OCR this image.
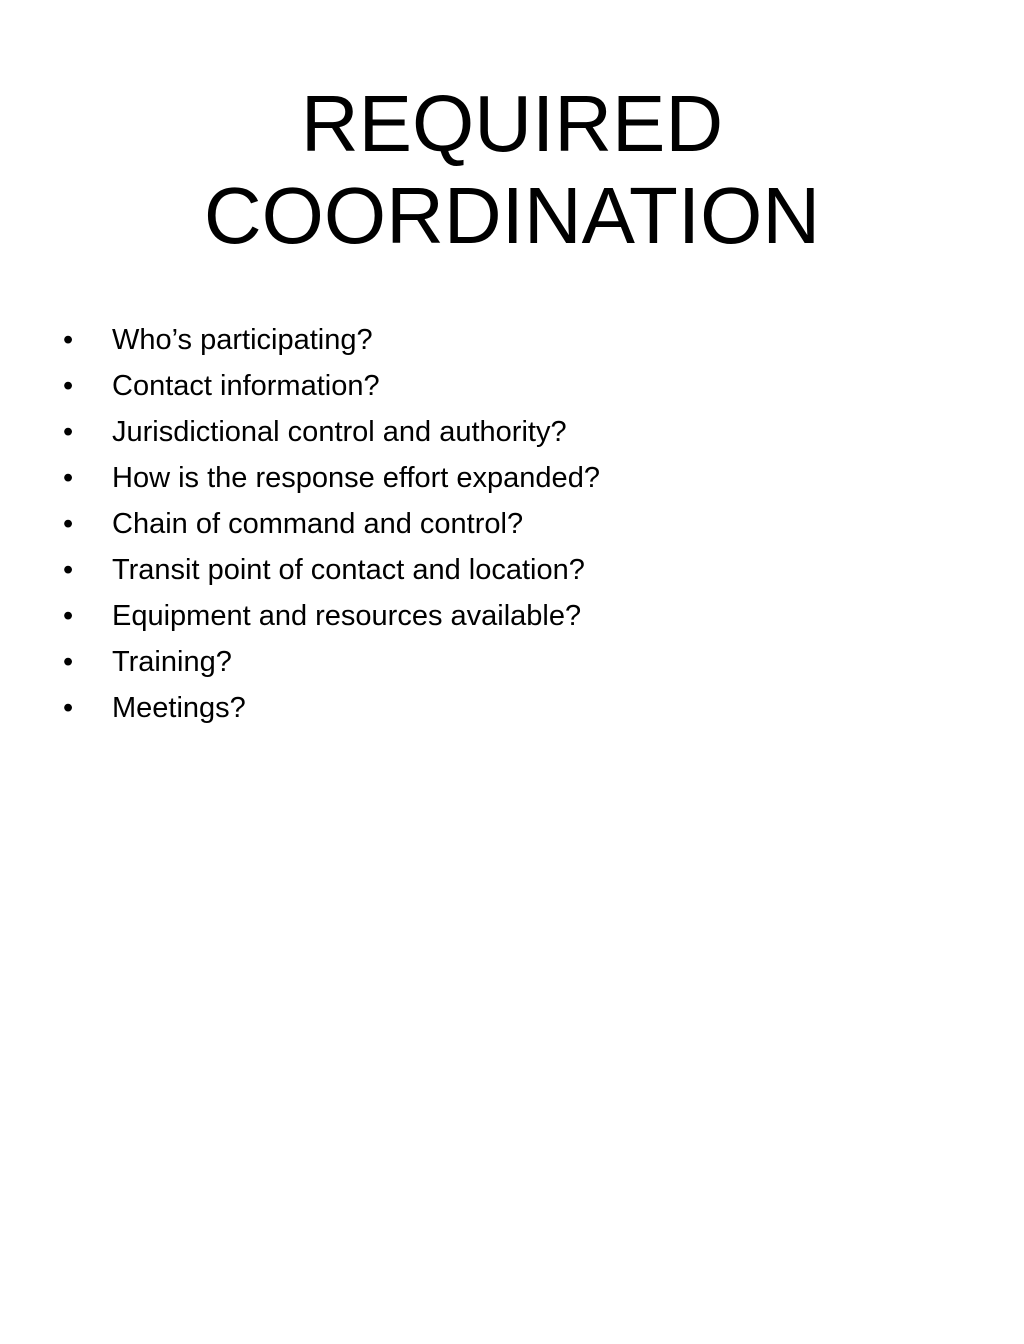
REQUIRED
COORDINATION
• Who’s participating?
• Contact information?
• Jurisdictional control and authority?
• How is the response effort expanded?
• Chain of command and control?
• Transit point of contact and location?
• Equipment and resources available?
• Training?
• Meetings?
